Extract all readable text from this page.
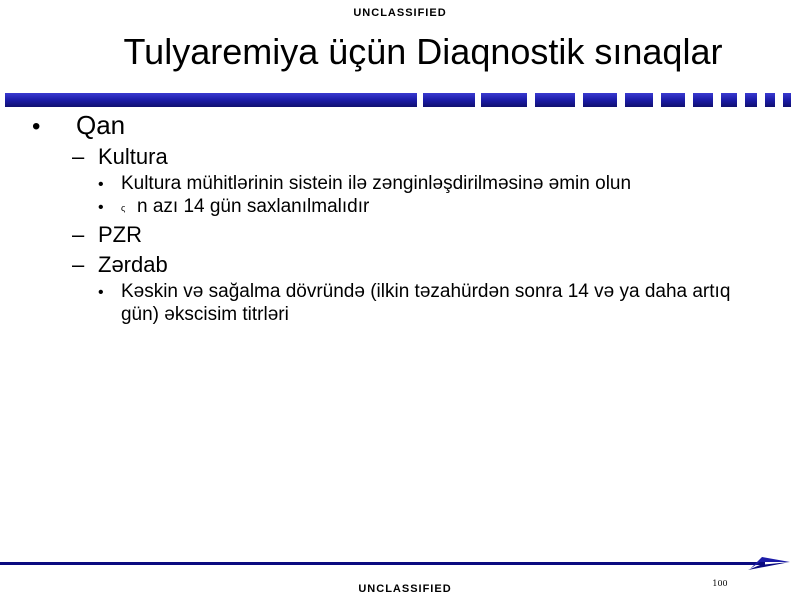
UNCLASSIFIED
Tulyaremiya üçün Diaqnostik sınaqlar
•	Qan
– Kultura
• Kultura mühitlərinin sistein ilə zənginləşdirilməsinə əmin olun
•	ς n azı 14 gün saxlanılmalıdır
– PZR
– Zərdab
• Kəskin və sağalma dövründə (ilkin təzahürdən sonra 14 və ya daha artıq gün) əkscisim titrləri
100
UNCLASSIFIED
